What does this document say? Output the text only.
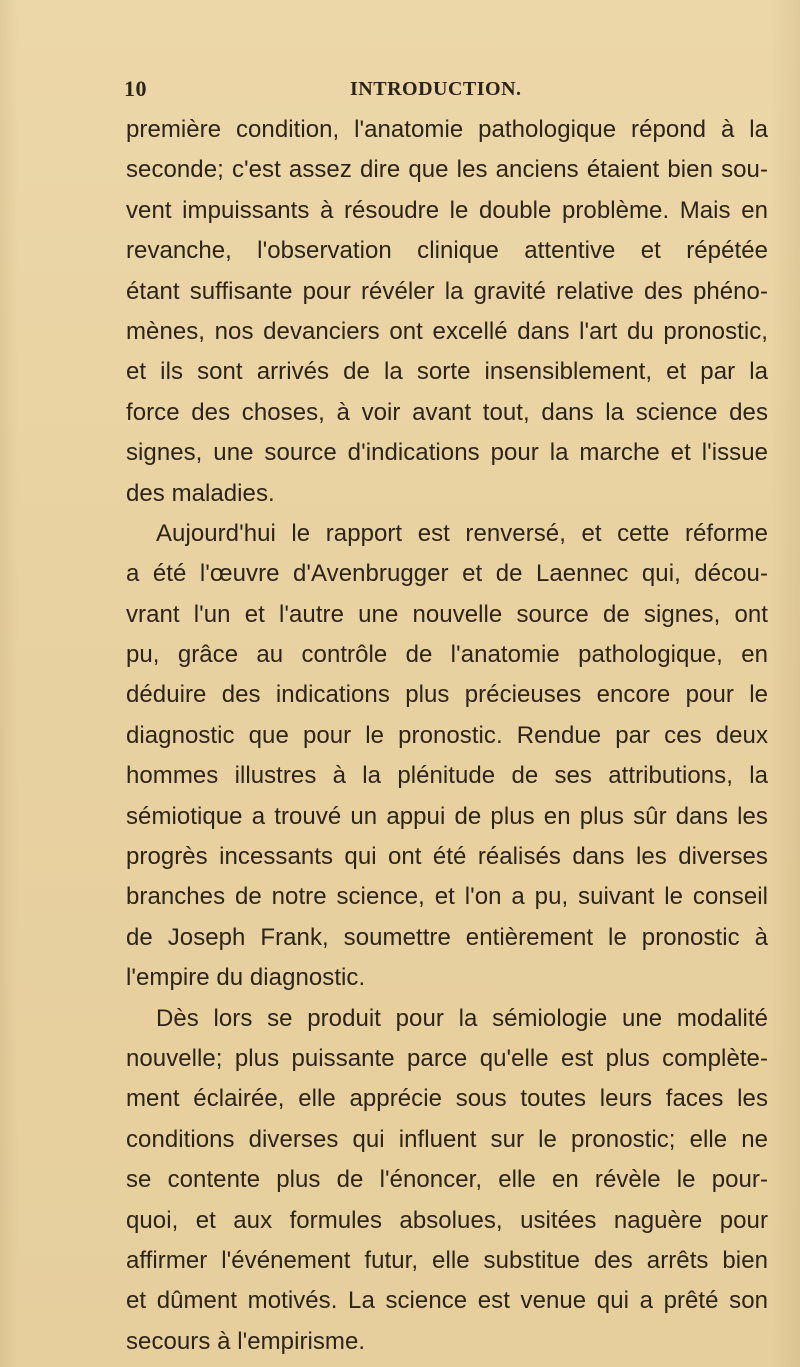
10	INTRODUCTION.
première condition, l'anatomie pathologique répond à la
seconde; c'est assez dire que les anciens étaient bien sou-
vent impuissants à résoudre le double problème. Mais en
revanche, l'observation clinique attentive et répétée
étant suffisante pour révéler la gravité relative des phéno-
mènes, nos devanciers ont excellé dans l'art du pronostic,
et ils sont arrivés de la sorte insensiblement, et par la
force des choses, à voir avant tout, dans la science des
signes, une source d'indications pour la marche et l'issue
des maladies.
Aujourd'hui le rapport est renversé, et cette réforme
a été l'œuvre d'Avenbrugger et de Laennec qui, décou-
vrant l'un et l'autre une nouvelle source de signes, ont
pu, grâce au contrôle de l'anatomie pathologique, en
déduire des indications plus précieuses encore pour le
diagnostic que pour le pronostic. Rendue par ces deux
hommes illustres à la plénitude de ses attributions, la
sémiotique a trouvé un appui de plus en plus sûr dans les
progrès incessants qui ont été réalisés dans les diverses
branches de notre science, et l'on a pu, suivant le conseil
de Joseph Frank, soumettre entièrement le pronostic à
l'empire du diagnostic.
Dès lors se produit pour la sémiologie une modalité
nouvelle; plus puissante parce qu'elle est plus complète-
ment éclairée, elle apprécie sous toutes leurs faces les
conditions diverses qui influent sur le pronostic; elle ne
se contente plus de l'énoncer, elle en révèle le pour-
quoi, et aux formules absolues, usitées naguère pour
affirmer l'événement futur, elle substitue des arrêts bien
et dûment motivés. La science est venue qui a prêté son
secours à l'empirisme.
